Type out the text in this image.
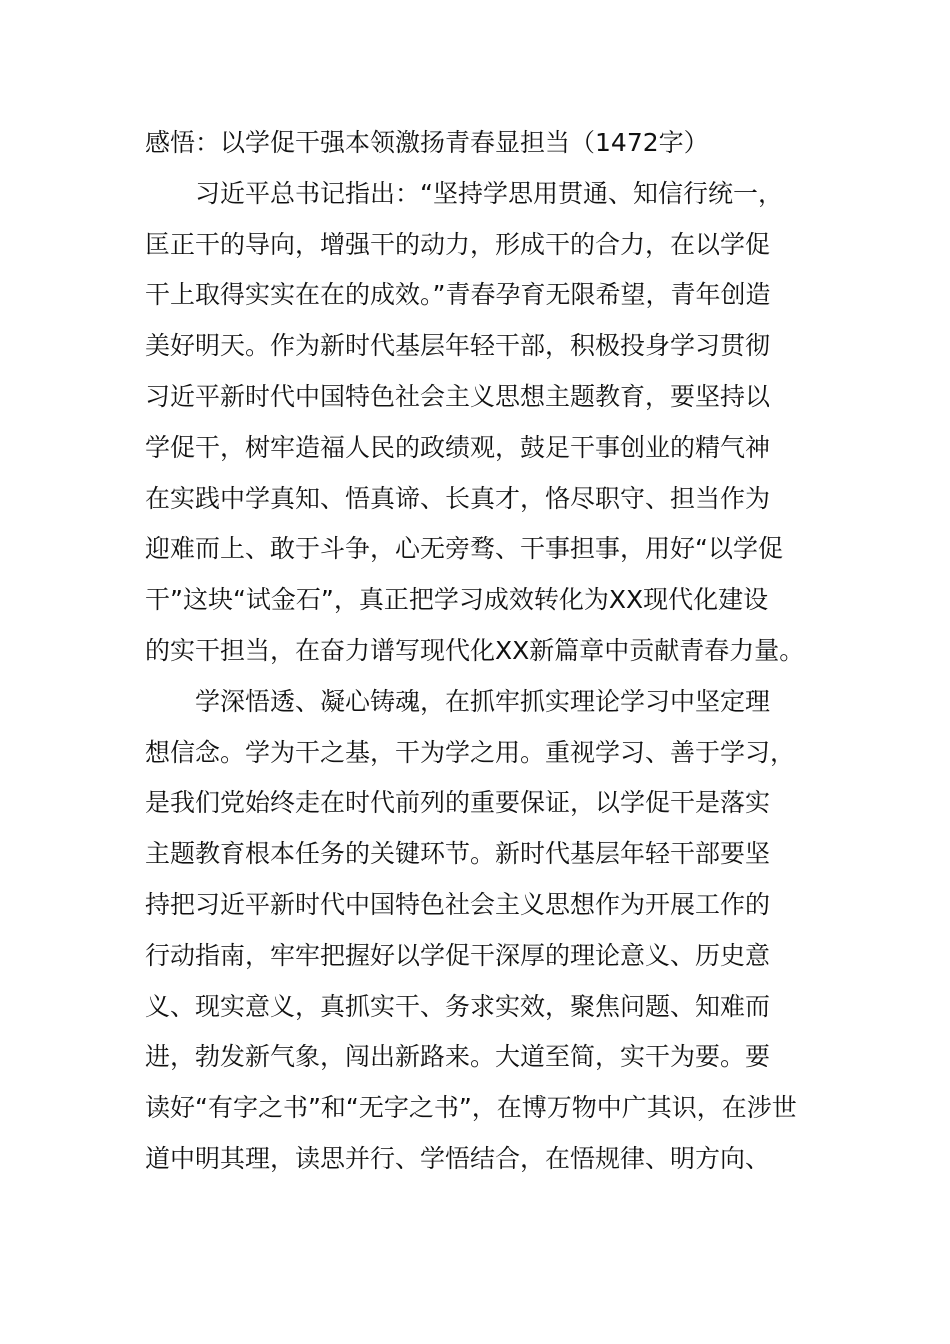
感悟：以学促干强本领激扬青春显担当（1472字）
习近平总书记指出：“坚持学思用贯通、知信行统一，
匡正干的导向，增强干的动力，形成干的合力，在以学促
干上取得实实在在的成效。”青春孕育无限希望，青年创造
美好明天。作为新时代基层年轻干部，积极投身学习贯彻
习近平新时代中国特色社会主义思想主题教育，要坚持以
学促干，树牢造福人民的政绩观，鼓足干事创业的精气神
在实践中学真知、悟真谛、长真才，恪尽职守、担当作为
迎难而上、敢于斗争，心无旁骛、干事担事，用好“以学促
干”这块“试金石”，真正把学习成效转化为XX现代化建设
的实干担当，在奋力谱写现代化XX新篇章中贡献青春力量。
学深悟透、凝心铸魂，在抓牢抓实理论学习中坚定理
想信念。学为干之基，干为学之用。重视学习、善于学习，
是我们党始终走在时代前列的重要保证，以学促干是落实
主题教育根本任务的关键环节。新时代基层年轻干部要坚
持把习近平新时代中国特色社会主义思想作为开展工作的
行动指南，牢牢把握好以学促干深厚的理论意义、历史意
义、现实意义，真抓实干、务求实效，聚焦问题、知难而
进，勃发新气象，闯出新路来。大道至简，实干为要。要
读好“有字之书”和“无字之书”，在博万物中广其识，在涉世
道中明其理，读思并行、学悟结合，在悟规律、明方向、
